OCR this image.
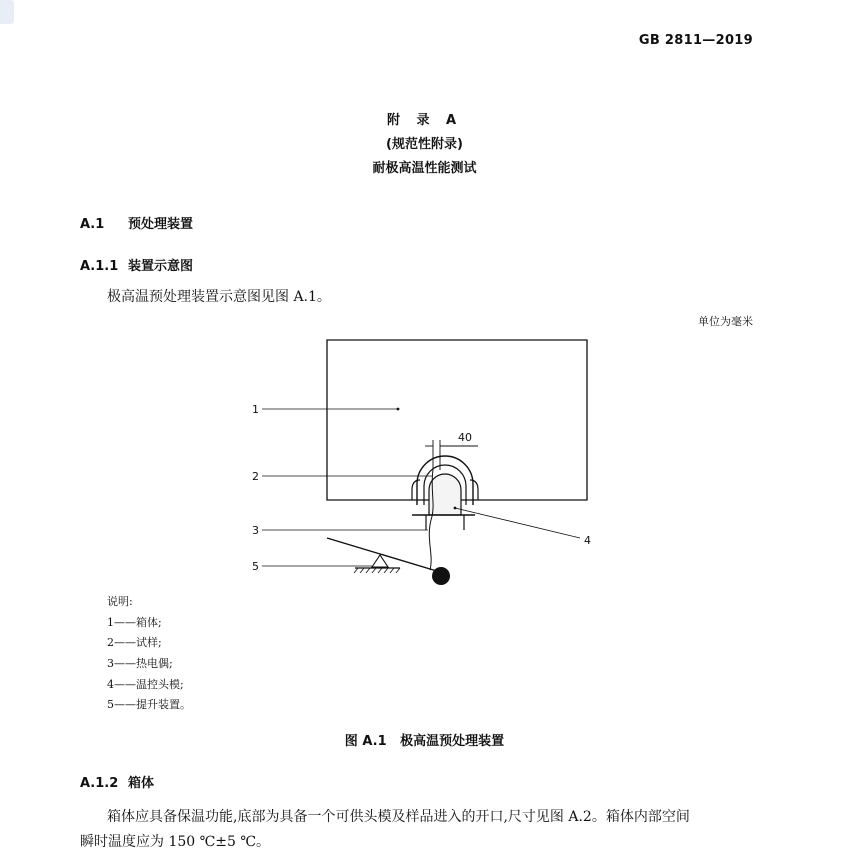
GB 2811—2019
附 录 A
(规范性附录)
耐极高温性能测试
A.1 预处理装置
A.1.1 装置示意图
极高温预处理装置示意图见图 A.1。
单位为毫米
40
1
2
3
4
5
说明:
1——箱体;
2——试样;
3——热电偶;
4——温控头模;
5——提升装置。
图 A.1   极高温预处理装置
A.1.2 箱体
箱体应具备保温功能,底部为具备一个可供头模及样品进入的开口,尺寸见图 A.2。箱体内部空间
瞬时温度应为 150 ℃±5 ℃。
